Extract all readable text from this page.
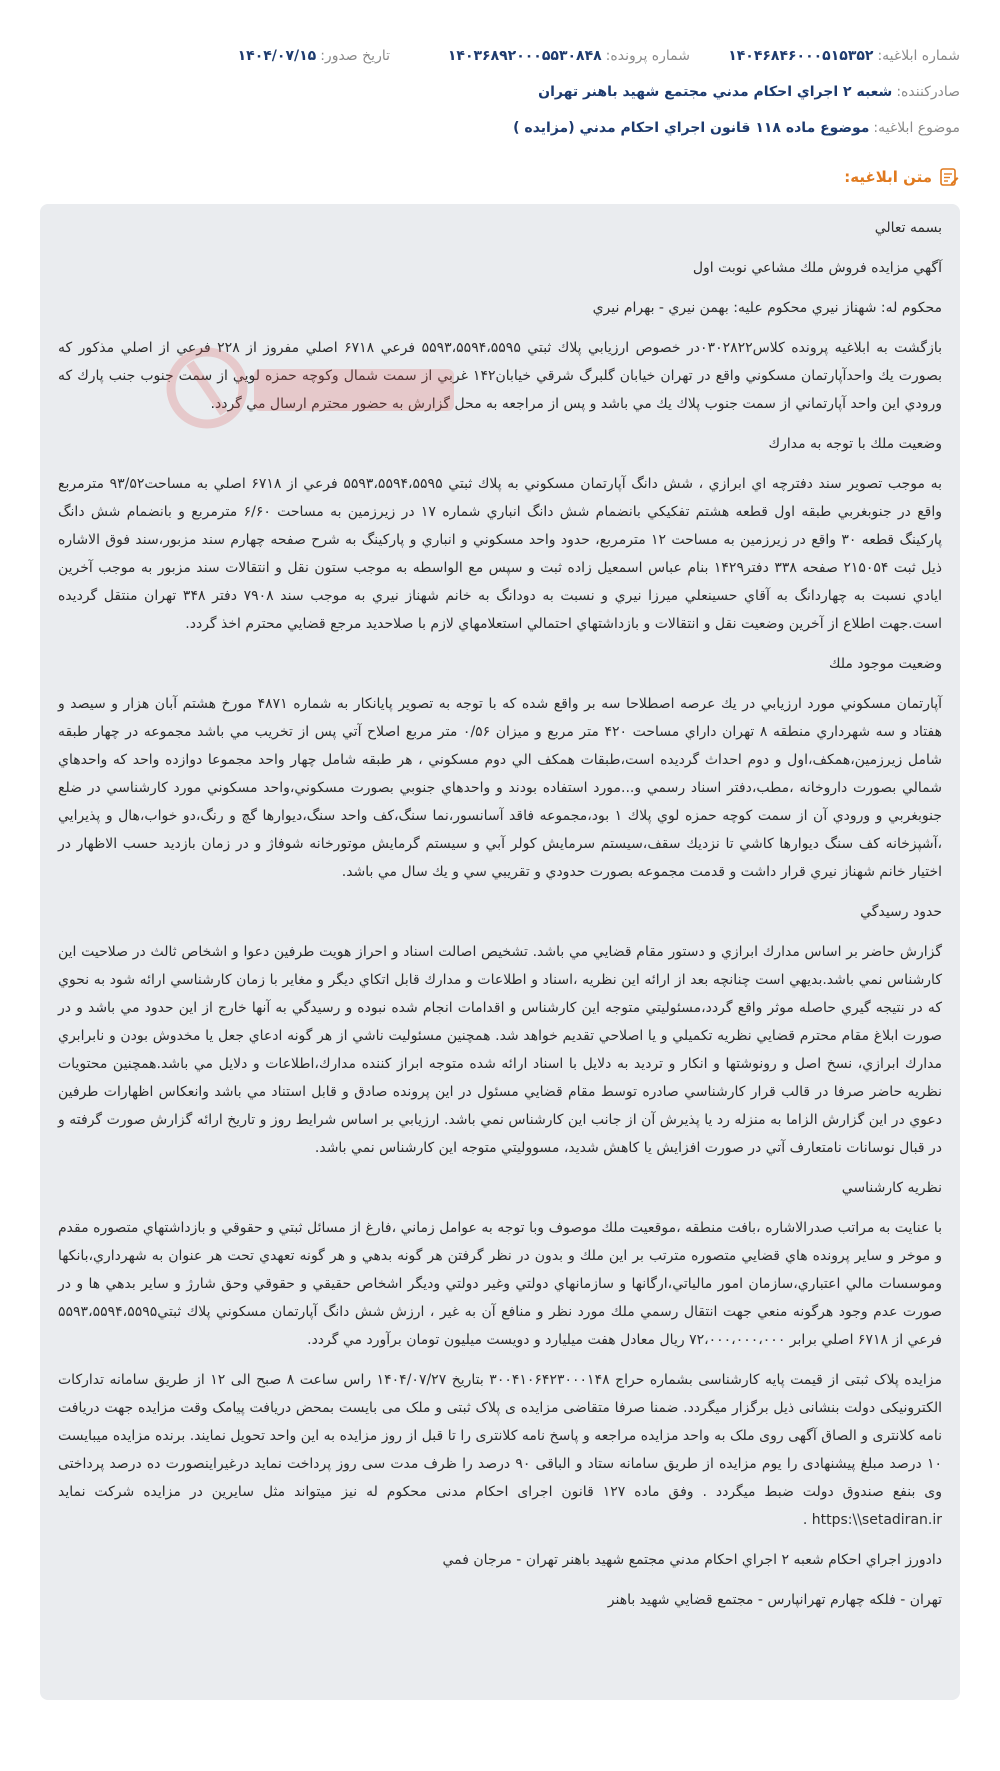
شماره ابلاغيه:
۱۴۰۴۶۸۴۶۰۰۰۵۱۵۳۵۲
شماره پرونده:
۱۴۰۳۶۸۹۲۰۰۰۵۵۳۰۸۴۸
تاريخ صدور:
۱۴۰۴/۰۷/۱۵
صادرکننده:
شعبه ۲ اجراي احکام مدني مجتمع شهيد باهنر تهران
موضوع ابلاغيه:
موضوع ماده ۱۱۸ قانون اجراي احكام مدني (مزايده )
متن ابلاغيه:

بسمه تعالي

آگهي مزايده فروش ملك مشاعي نوبت اول

محكوم له: شهناز نيري محكوم عليه: بهمن نيري - بهرام نيري

بازگشت به ابلاغيه پرونده کلاس۰۳۰۲۸۲۲در خصوص ارزيابي پلاك ثبتي ۵۵۹۳،۵۵۹۴،۵۵۹۵ فرعي ۶۷۱۸ اصلي مفروز از ۲۲۸ فرعي از اصلي مذكور كه بصورت يك واحدآپارتمان مسكوني واقع در تهران خيابان گلبرگ شرقي خيابان۱۴۲ غربي از سمت شمال وكوچه حمزه لويي از سمت جنوب جنب پارك كه ورودي اين واحد آپارتماني از سمت جنوب پلاك يك مي باشد و پس از مراجعه به محل گزارش به حضور محترم ارسال مي گردد.

وضعيت ملك با توجه به مدارك

به موجب تصوير سند دفترچه اي ابرازي ، شش دانگ آپارتمان مسكوني به پلاك ثبتي ۵۵۹۳،۵۵۹۴،۵۵۹۵ فرعي از ۶۷۱۸ اصلي به مساحت۹۳/۵۲ مترمربع واقع در جنوبغربي طبقه اول قطعه هشتم تفكيكي بانضمام شش دانگ انباري شماره ۱۷ در زيرزمين به مساحت ۶/۶۰ مترمربع و بانضمام شش دانگ پاركينگ قطعه ۳۰ واقع در زيرزمين به مساحت ۱۲ مترمربع، حدود واحد مسكوني و انباري و پاركينگ به شرح صفحه چهارم سند مزبور،سند فوق الاشاره ذيل ثبت ۲۱۵۰۵۴ صفحه ۳۳۸ دفتر۱۴۲۹ بنام عباس اسمعيل زاده ثبت و سپس مع الواسطه به موجب ستون نقل و انتقالات سند مزبور به موجب آخرين ايادي نسبت به چهاردانگ به آقاي حسينعلي ميرزا نيري و نسبت به دودانگ به خانم شهناز نيري به موجب سند ۷۹۰۸ دفتر ۳۴۸ تهران منتقل گرديده است.جهت اطلاع از آخرين وضعيت نقل و انتقالات و بازداشتهاي احتمالي استعلامهاي لازم با صلاحديد مرجع قضايي محترم اخذ گردد.

وضعيت موجود ملك

آپارتمان مسكوني مورد ارزيابي در يك عرصه اصطلاحا سه بر واقع شده كه با توجه به تصوير پايانكار به شماره ۴۸۷۱ مورخ هشتم آبان هزار و سيصد و هفتاد و سه شهرداري منطقه ۸ تهران داراي مساحت ۴۲۰ متر مربع و ميزان ۰/۵۶ متر مربع اصلاح آتي پس از تخريب مي باشد مجموعه در چهار طبقه شامل زيرزمين،همكف،اول و دوم احداث گرديده است،طبقات همكف الي دوم مسكوني ، هر طبقه شامل چهار واحد مجموعا دوازده واحد كه واحدهاي شمالي بصورت داروخانه ،مطب،دفتر اسناد رسمي و...مورد استفاده بودند و واحدهاي جنوبي بصورت مسكوني،واحد مسكوني مورد كارشناسي در ضلع جنوبغربي و ورودي آن از سمت كوچه حمزه لوي پلاك ۱ بود،مجموعه فاقد آسانسور،نما سنگ،كف واحد سنگ،ديوارها گچ و رنگ،دو خواب،هال و پذيرايي ،آشپزخانه كف سنگ ديوارها كاشي تا نزديك سقف،سيستم سرمايش كولر آبي و سيستم گرمايش موتورخانه شوفاژ و در زمان بازديد حسب الاظهار در اختيار خانم شهناز نيري قرار داشت و قدمت مجموعه بصورت حدودي و تقريبي سي و يك سال مي باشد.

حدود رسيدگي

گزارش حاضر بر اساس مدارك ابرازي و دستور مقام قضايي مي باشد. تشخيص اصالت اسناد و احراز هويت طرفين دعوا و اشخاص ثالث در صلاحيت اين كارشناس نمي باشد.بديهي است چنانچه بعد از ارائه اين نظريه ،اسناد و اطلاعات و مدارك قابل اتكاي ديگر و مغاير با زمان كارشناسي ارائه شود به نحوي كه در نتيجه گيري حاصله موثر واقع گردد،مسئوليتي متوجه اين كارشناس و اقدامات انجام شده نبوده و رسيدگي به آنها خارج از اين حدود مي باشد و در صورت ابلاغ مقام محترم قضايي نظريه تكميلي و يا اصلاحي تقديم خواهد شد. همچنين مسئوليت ناشي از هر گونه ادعاي جعل يا مخدوش بودن و نابرابري مدارك ابرازي، نسخ اصل و رونوشتها و انكار و ترديد به دلايل با اسناد ارائه شده متوجه ابراز كننده مدارك،اطلاعات و دلايل مي باشد.همچنين محتويات نظريه حاضر صرفا در قالب قرار كارشناسي صادره توسط مقام قضايي مسئول در اين پرونده صادق و قابل استناد مي باشد وانعكاس اظهارات طرفين دعوي در اين گزارش الزاما به منزله رد يا پذيرش آن از جانب اين كارشناس نمي باشد. ارزيابي بر اساس شرايط روز و تاريخ ارائه گزارش صورت گرفته و در قبال نوسانات نامتعارف آتي در صورت افزايش يا كاهش شديد، مسووليتي متوجه اين كارشناس نمي باشد.

نظريه كارشناسي

با عنايت به مراتب صدرالاشاره ،بافت منطقه ،موقعيت ملك موصوف وبا توجه به عوامل زماني ،فارغ از مسائل ثبتي و حقوقي و بازداشتهاي متصوره مقدم و موخر و ساير پرونده هاي قضايي متصوره مترتب بر اين ملك و بدون در نظر گرفتن هر گونه بدهي و هر گونه تعهدي تحت هر عنوان به شهرداري،بانكها وموسسات مالي اعتباري،سازمان امور مالياتي،ارگانها و سازمانهاي دولتي وغير دولتي وديگر اشخاص حقيقي و حقوقي وحق شارژ و ساير بدهي ها و در صورت عدم وجود هرگونه منعي جهت انتقال رسمي ملك مورد نظر و منافع آن به غير ، ارزش شش دانگ آپارتمان مسكوني پلاك ثبتي۵۵۹۳،۵۵۹۴،۵۵۹۵ فرعي از ۶۷۱۸ اصلي برابر ۷۲،۰۰۰،۰۰۰،۰۰۰ ريال معادل هفت ميليارد و دويست ميليون تومان برآورد مي گردد.

مزايده پلاک ثبتی از قيمت پايه کارشناسی بشماره حراج ۳۰۰۴۱۰۶۴۲۳۰۰۰۱۴۸ بتاريخ ۱۴۰۴/۰۷/۲۷ راس ساعت ۸ صبح الی ۱۲ از طريق سامانه تدارکات الکترونيکی دولت بنشانی ذيل برگزار ميگردد. ضمنا صرفا متقاضی مزايده ی پلاک ثبتی و ملک می بايست بمحض دريافت پيامک وقت مزايده جهت دريافت نامه کلانتری و الصاق آگهی روی ملک به واحد مزايده مراجعه و پاسخ نامه کلانتری را تا قبل از روز مزايده به اين واحد تحويل نمايند. برنده مزايده ميبايست ۱۰ درصد مبلغ پيشنهادی را يوم مزايده از طريق سامانه ستاد و الباقی ۹۰ درصد را ظرف مدت سی روز پرداخت نمايد درغيراينصورت ده درصد پرداختی وی بنفع صندوق دولت ضبط ميگردد . وفق ماده ۱۲۷ قانون اجرای احکام مدنی محکوم له نيز ميتواند مثل سايرين در مزايده شرکت نمايد https:\\setadiran.ir .

دادورز اجراي احكام شعبه ۲ اجراي احكام مدني مجتمع شهيد باهنر تهران - مرجان فمي

تهران - فلكه چهارم تهرانپارس - مجتمع قضايي شهيد باهنر
